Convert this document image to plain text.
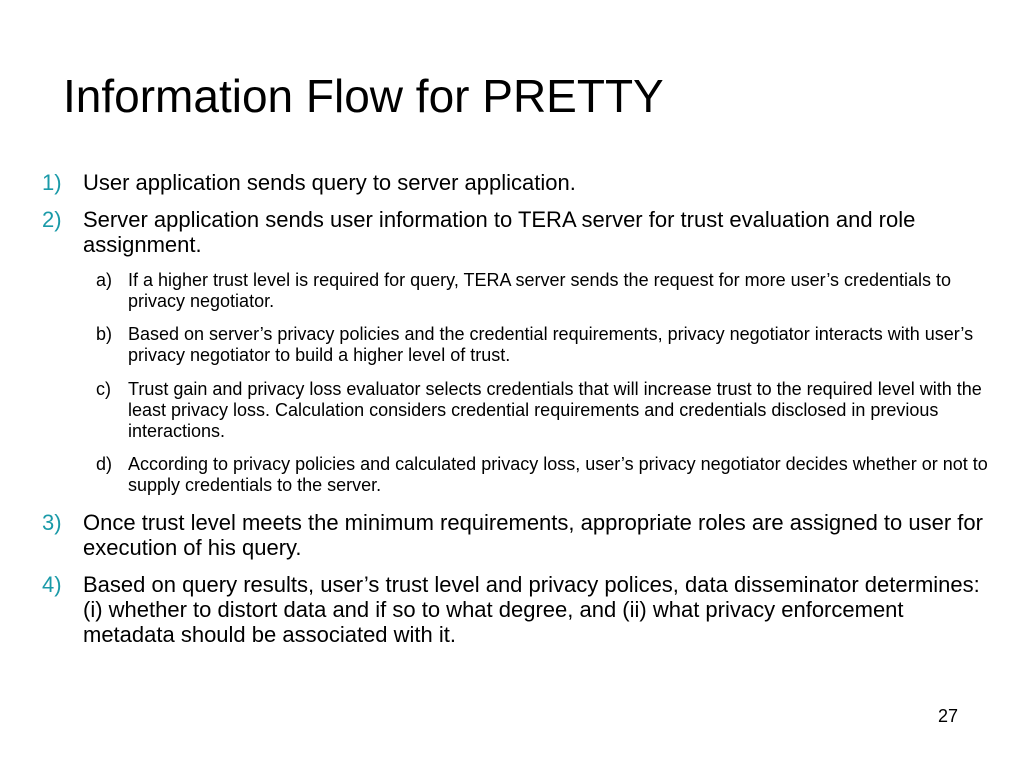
Information Flow for PRETTY
1) User application sends query to server application.
2) Server application sends user information to TERA server for trust evaluation and role assignment.
a) If a higher trust level is required for query, TERA server sends the request for more user’s credentials to privacy negotiator.
b) Based on server’s privacy policies and the credential requirements, privacy negotiator interacts with user’s privacy negotiator to build a higher level of trust.
c) Trust gain and privacy loss evaluator selects credentials that will increase trust to the required level with the least privacy loss. Calculation considers credential requirements and credentials disclosed in previous interactions.
d) According to privacy policies and calculated privacy loss, user’s privacy negotiator decides whether or not to supply credentials to the server.
3) Once trust level meets the minimum requirements, appropriate roles are assigned to user for execution of his query.
4) Based on query results, user’s trust level and privacy polices, data disseminator determines: (i) whether to distort data and if so to what degree, and (ii) what privacy enforcement metadata should be associated with it.
27
